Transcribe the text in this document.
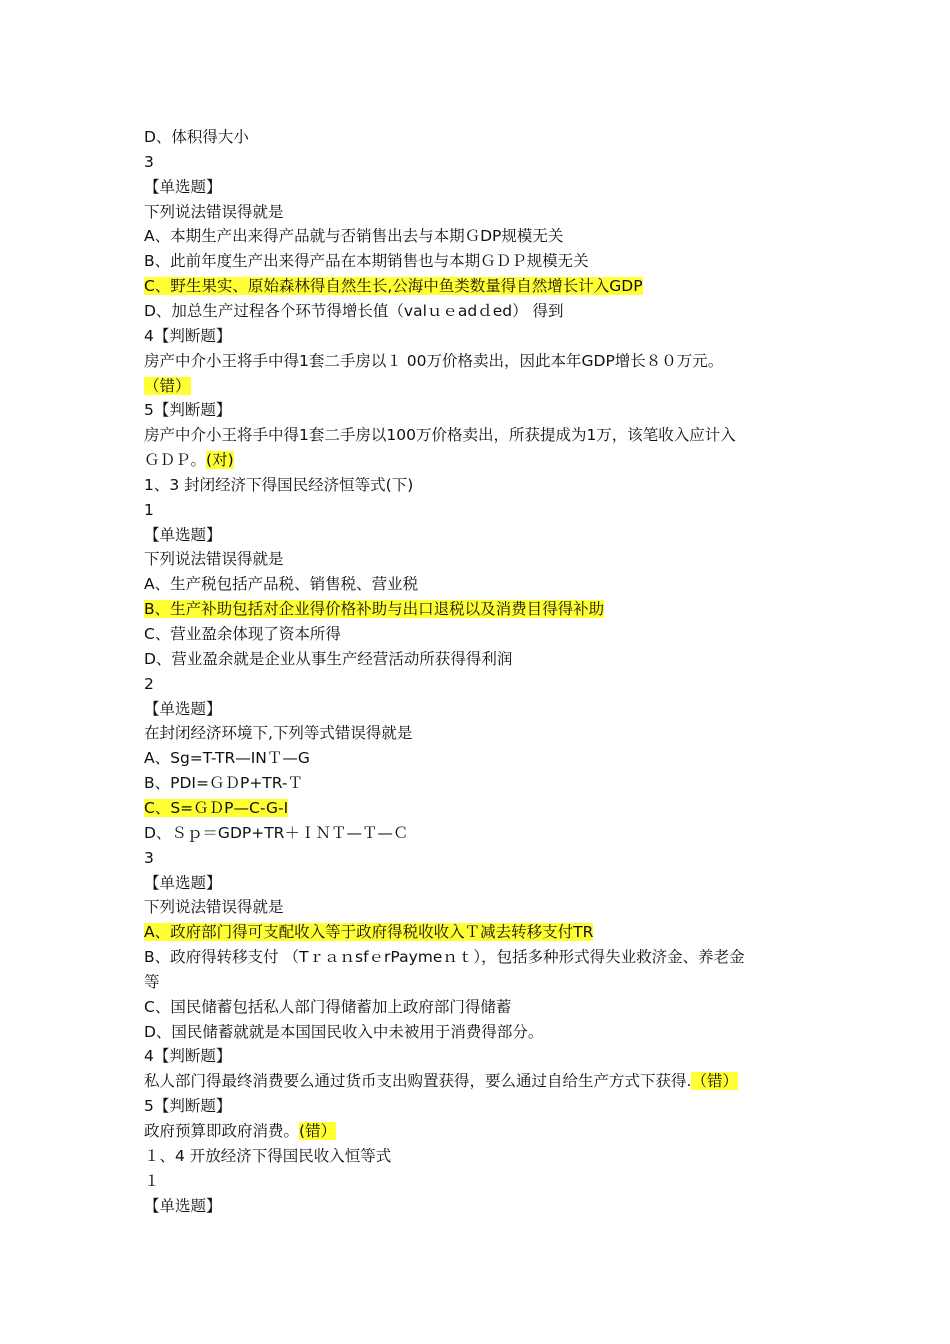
D、体积得大小
3
【单选题】
下列说法错误得就是
A、本期生产出来得产品就与否销售出去与本期ＧDP规模无关
B、此前年度生产出来得产品在本期销售也与本期ＧＤＰ规模无关
C、野生果实、原始森林得自然生长,公海中鱼类数量得自然增长计入GDP
D、加总生产过程各个环节得增长值（valｕｅadｄed） 得到
4【判断题】
房产中介小王将手中得1套二手房以１ 00万价格卖出，因此本年GDP增长８０万元。
（错）
5【判断题】
房产中介小王将手中得1套二手房以100万价格卖出，所获提成为1万，该笔收入应计入
ＧＤＰ。(对)
1、3 封闭经济下得国民经济恒等式(下)
1
【单选题】
下列说法错误得就是
A、生产税包括产品税、销售税、营业税
B、生产补助包括对企业得价格补助与出口退税以及消费目得得补助
C、营业盈余体现了资本所得
D、营业盈余就是企业从事生产经营活动所获得得利润
2
【单选题】
在封闭经济环境下,下列等式错误得就是
A、Sg=T-TR—INＴ—G
B、PDI=ＧＤP+TR-Ｔ
C、S=ＧＤP—C-G-I
D、Ｓｐ＝GDP+TR＋ＩＮＴ—Ｔ—Ｃ
3
【单选题】
下列说法错误得就是
A、政府部门得可支配收入等于政府得税收收入Ｔ减去转移支付TR
B、政府得转移支付 （TｒａｎsfｅrPaymeｎｔ），包括多种形式得失业救济金、养老金
等
C、国民储蓄包括私人部门得储蓄加上政府部门得储蓄
D、国民储蓄就就是本国国民收入中未被用于消费得部分。
4【判断题】
私人部门得最终消费要么通过货币支出购置获得，要么通过自给生产方式下获得.（错）
5【判断题】
政府预算即政府消费。(错）
１、4 开放经济下得国民收入恒等式
１
【单选题】
